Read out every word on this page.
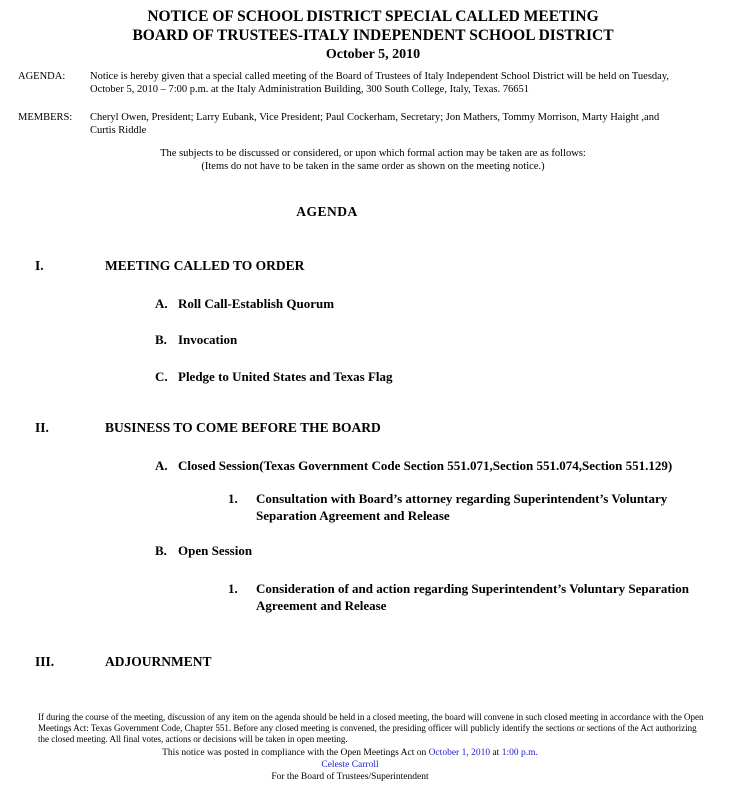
NOTICE OF SCHOOL DISTRICT SPECIAL CALLED MEETING
BOARD OF TRUSTEES-ITALY INDEPENDENT SCHOOL DISTRICT
October 5, 2010
AGENDA:	Notice is hereby given that a special called meeting of the Board of Trustees of Italy Independent School District will be held on Tuesday, October 5, 2010 – 7:00 p.m. at the Italy Administration Building, 300 South College, Italy, Texas. 76651
MEMBERS:	Cheryl Owen, President; Larry Eubank, Vice President; Paul Cockerham, Secretary; Jon Mathers, Tommy Morrison, Marty Haight ,and Curtis Riddle
The subjects to be discussed or considered, or upon which formal action may be taken are as follows:
(Items do not have to be taken in the same order as shown on the meeting notice.)
AGENDA
I.	MEETING CALLED TO ORDER
A. Roll Call-Establish Quorum
B. Invocation
C. Pledge to United States and Texas Flag
II.	BUSINESS TO COME BEFORE THE BOARD
A. Closed Session(Texas Government Code Section 551.071,Section 551.074,Section 551.129)
1.	Consultation with Board’s attorney regarding Superintendent’s Voluntary Separation Agreement and Release
B. Open Session
1.	Consideration of and action regarding Superintendent’s Voluntary Separation Agreement and Release
III.	ADJOURNMENT
If during the course of the meeting, discussion of any item on the agenda should be held in a closed meeting, the board will convene in such closed meeting in accordance with the Open
Meetings Act: Texas Government Code, Chapter 551. Before any closed meeting is convened, the presiding officer will publicly identify the sections or sections of the Act authorizing
the closed meeting. All final votes, actions or decisions will be taken in open meeting.
This notice was posted in compliance with the Open Meetings Act on October 1, 2010 at 1:00 p.m.
Celeste Carroll
For the Board of Trustees/Superintendent
